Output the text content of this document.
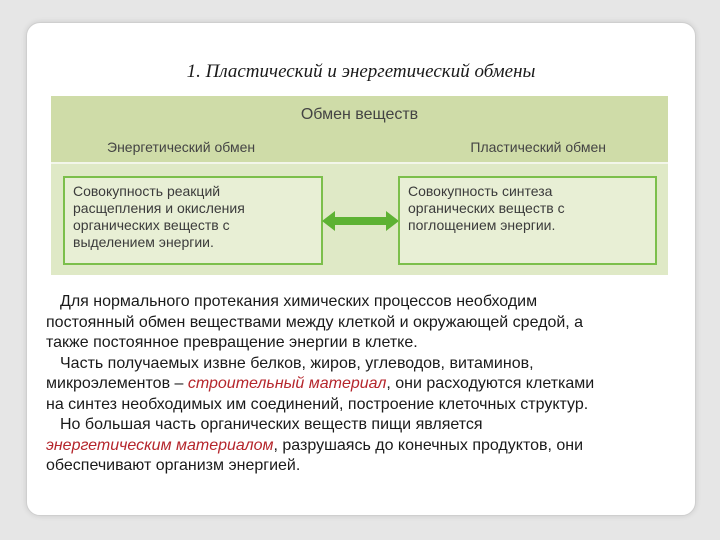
1. Пластический и энергетический обмены
Обмен веществ
Энергетический обмен	Пластический обмен
Совокупность реакций
расщепления и окисления
органических веществ с
выделением энергии.
Совокупность синтеза
органических веществ с
поглощением энергии.

Для нормального протекания химических процессов необходим
постоянный обмен веществами между клеткой и окружающей средой, а
также постоянное превращение энергии в клетке.

Часть получаемых извне белков, жиров, углеводов, витаминов,
микроэлементов – строительный материал, они расходуются клетками
на синтез необходимых им соединений, построение клеточных структур.

Но большая часть органических веществ пищи является
энергетическим материалом, разрушаясь до конечных продуктов, они
обеспечивают организм энергией.
